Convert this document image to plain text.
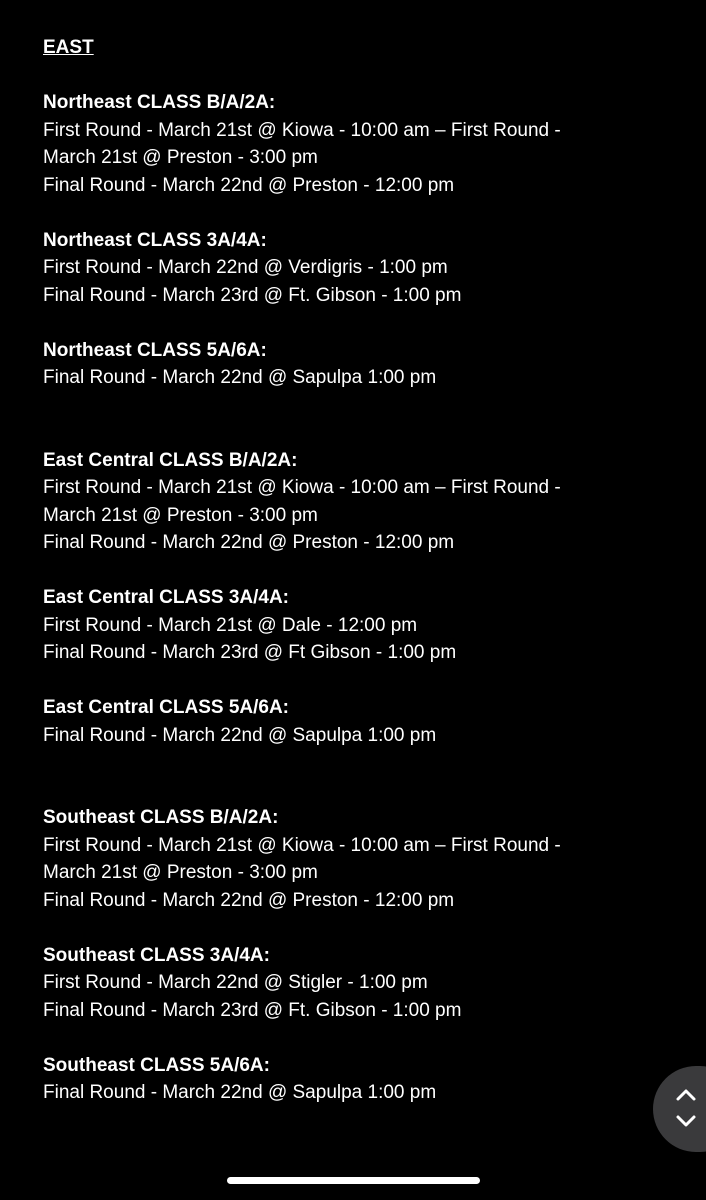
EAST
Northeast CLASS B/A/2A:
First Round - March 21st @ Kiowa - 10:00 am – First Round -
March 21st @ Preston - 3:00 pm
Final Round - March 22nd @ Preston - 12:00 pm
Northeast CLASS 3A/4A:
First Round - March 22nd @ Verdigris - 1:00 pm
Final Round - March 23rd @ Ft. Gibson - 1:00 pm
Northeast CLASS 5A/6A:
Final Round - March 22nd @ Sapulpa 1:00 pm
East Central CLASS B/A/2A:
First Round - March 21st @ Kiowa - 10:00 am – First Round -
March 21st @ Preston - 3:00 pm
Final Round - March 22nd @ Preston - 12:00 pm
East Central CLASS 3A/4A:
First Round - March 21st @ Dale - 12:00 pm
Final Round - March 23rd @ Ft Gibson - 1:00 pm
East Central CLASS 5A/6A:
Final Round - March 22nd @ Sapulpa 1:00 pm
Southeast CLASS B/A/2A:
First Round - March 21st @ Kiowa - 10:00 am – First Round -
March 21st @ Preston - 3:00 pm
Final Round - March 22nd @ Preston - 12:00 pm
Southeast CLASS 3A/4A:
First Round - March 22nd @ Stigler - 1:00 pm
Final Round - March 23rd @ Ft. Gibson - 1:00 pm
Southeast CLASS 5A/6A:
Final Round - March 22nd @ Sapulpa 1:00 pm
